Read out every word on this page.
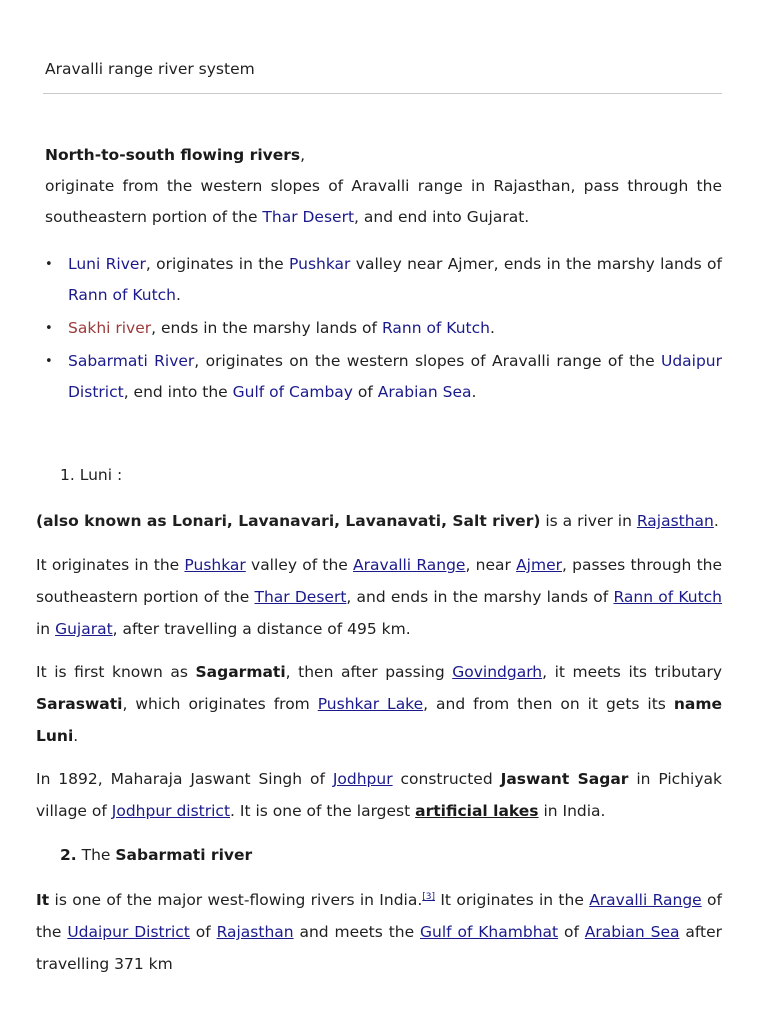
Aravalli range river system
North-to-south flowing rivers,
originate from the western slopes of Aravalli range in Rajasthan, pass through the southeastern portion of the Thar Desert, and end into Gujarat.
• Luni River, originates in the Pushkar valley near Ajmer, ends in the marshy lands of Rann of Kutch.
• Sakhi river, ends in the marshy lands of Rann of Kutch.
• Sabarmati River, originates on the western slopes of Aravalli range of the Udaipur District, end into the Gulf of Cambay of Arabian Sea.
1. Luni :
(also known as Lonari, Lavanavari, Lavanavati, Salt river) is a river in Rajasthan.
It originates in the Pushkar valley of the Aravalli Range, near Ajmer, passes through the southeastern portion of the Thar Desert, and ends in the marshy lands of Rann of Kutch in Gujarat, after travelling a distance of 495 km.
It is first known as Sagarmati, then after passing Govindgarh, it meets its tributary Saraswati, which originates from Pushkar Lake, and from then on it gets its name Luni.
In 1892, Maharaja Jaswant Singh of Jodhpur constructed Jaswant Sagar in Pichiyak village of Jodhpur district. It is one of the largest artificial lakes in India.
2. The Sabarmati river
It is one of the major west-flowing rivers in India.[3] It originates in the Aravalli Range of the Udaipur District of Rajasthan and meets the Gulf of Khambhat of Arabian Sea after travelling 371 km
